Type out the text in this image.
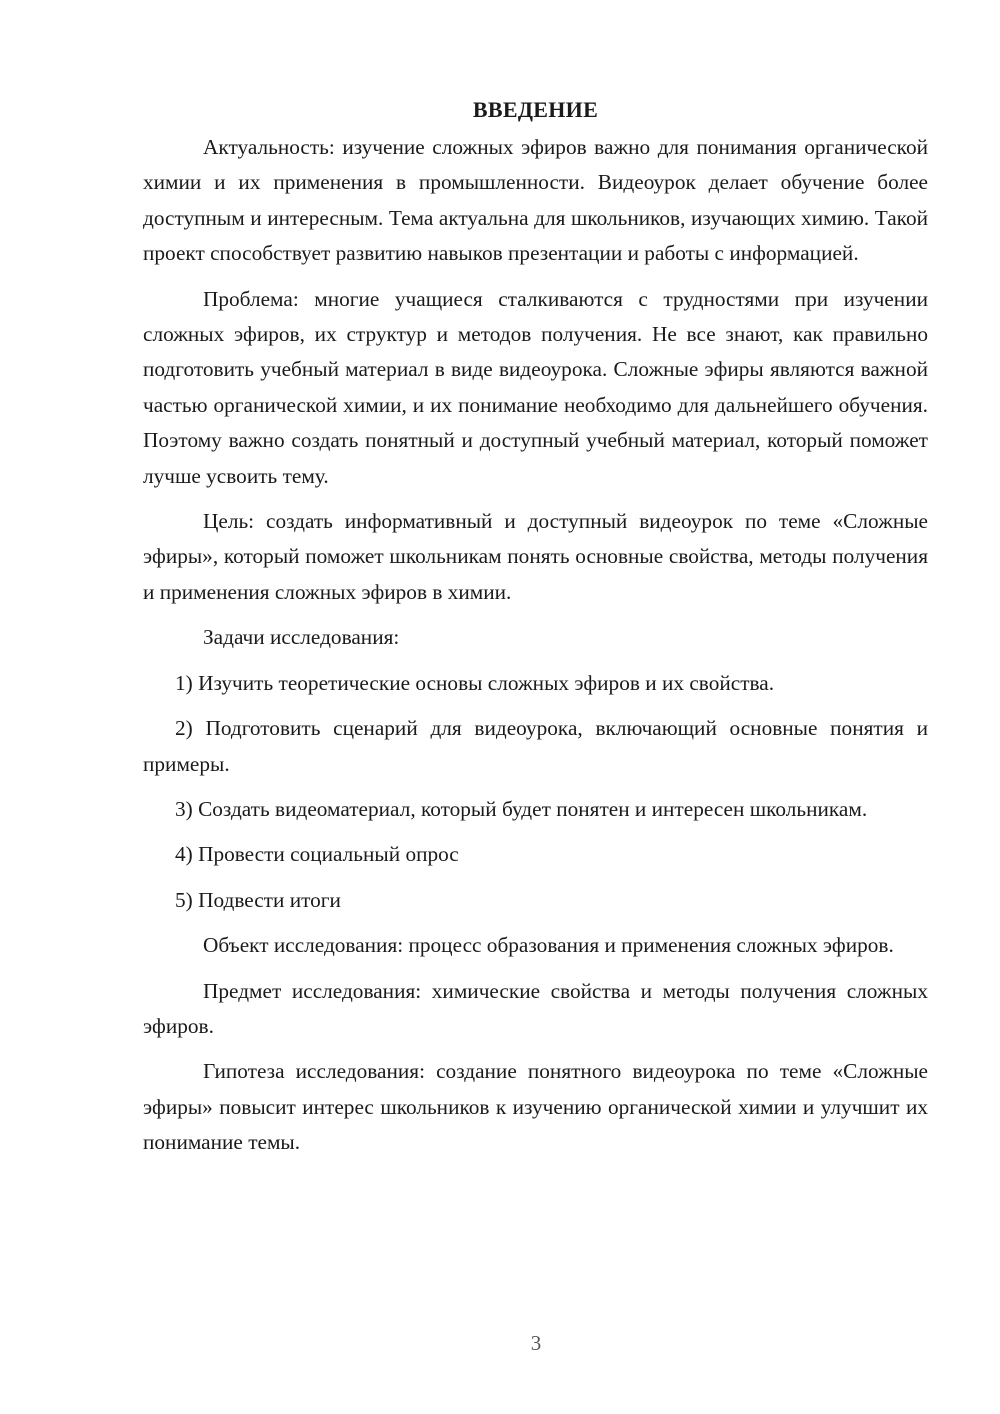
ВВЕДЕНИЕ

Актуальность: изучение сложных эфиров важно для понимания органической химии и их применения в промышленности. Видеоурок делает обучение более доступным и интересным. Тема актуальна для школьников, изучающих химию. Такой проект способствует развитию навыков презентации и работы с информацией.

Проблема: многие учащиеся сталкиваются с трудностями при изучении сложных эфиров, их структур и методов получения. Не все знают, как правильно подготовить учебный материал в виде видеоурока. Сложные эфиры являются важной частью органической химии, и их понимание необходимо для дальнейшего обучения. Поэтому важно создать понятный и доступный учебный материал, который поможет лучше усвоить тему.

Цель: создать информативный и доступный видеоурок по теме «Сложные эфиры», который поможет школьникам понять основные свойства, методы получения и применения сложных эфиров в химии.

Задачи исследования:

1) Изучить теоретические основы сложных эфиров и их свойства.

2) Подготовить сценарий для видеоурока, включающий основные понятия и примеры.

3) Создать видеоматериал, который будет понятен и интересен школьникам.

4) Провести социальный опрос

5) Подвести итоги

Объект исследования: процесс образования и применения сложных эфиров.

Предмет исследования: химические свойства и методы получения сложных эфиров.

Гипотеза исследования: создание понятного видеоурока по теме «Сложные эфиры» повысит интерес школьников к изучению органической химии и улучшит их понимание темы.

3
